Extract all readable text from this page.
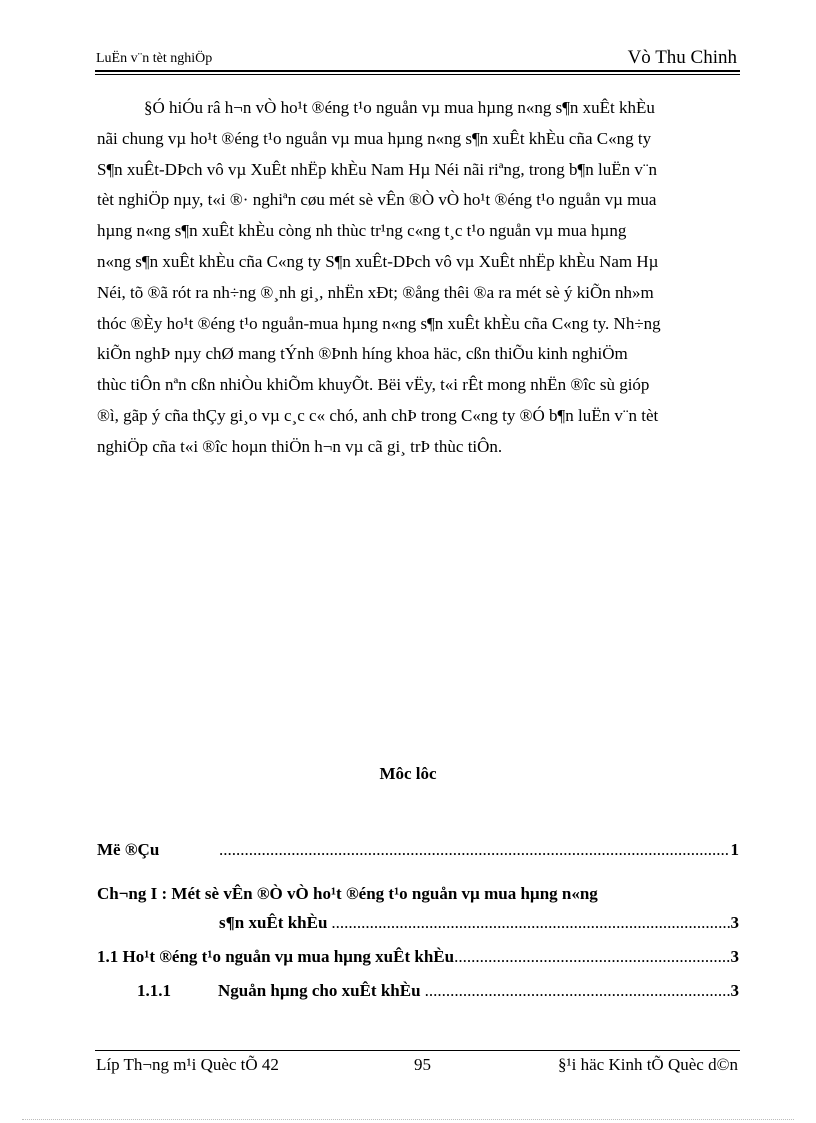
LuËn v¨n tèt nghiÖp	Vò Thu Chinh
§Ó hiÓu râ h¬n vÒ ho¹t ®éng t¹o nguån vµ mua hµng n«ng s¶n xuÊt khÈu
nãi chung vµ ho¹t ®éng t¹o nguån vµ mua hµng n«ng s¶n xuÊt khÈu cña C«ng ty
S¶n xuÊt-DÞch vô vµ XuÊt nhËp khÈu Nam Hµ Néi nãi riªng, trong b¶n luËn v¨n
tèt nghiÖp nµy, t«i ®· nghiªn cøu mét sè vÊn ®Ò vÒ ho¹t ®éng t¹o nguån vµ mua
hµng n«ng s¶n xuÊt khÈu còng nh thùc tr¹ng c«ng t¸c t¹o nguån vµ mua hµng
n«ng s¶n xuÊt khÈu cña C«ng ty S¶n xuÊt-DÞch vô vµ XuÊt nhËp khÈu Nam Hµ
Néi, tõ ®ã rót ra nh÷ng ®¸nh gi¸, nhËn xÐt; ®ång thêi ®a ra mét sè ý kiÕn nh»m
thóc ®Èy ho¹t ®éng t¹o nguån-mua hµng n«ng s¶n xuÊt khÈu cña C«ng ty. Nh÷ng
kiÕn nghÞ nµy chØ mang tÝnh ®Þnh híng khoa häc, cßn thiÕu kinh nghiÖm
thùc tiÔn nªn cßn nhiÒu khiÕm khuyÕt. Bëi vËy, t«i rÊt mong nhËn ®îc sù gióp
®ì, gãp ý cña thÇy gi¸o vµ c¸c c« chó, anh chÞ trong C«ng ty ®Ó b¶n luËn v¨n tèt
nghiÖp cña t«i ®îc hoµn thiÖn h¬n vµ cã gi¸ trÞ thùc tiÔn.
Môc lôc
Më ®Çu .....	1
Ch¬ng I : Mét sè vÊn ®Ò vÒ ho¹t ®éng t¹o nguån vµ mua hµng n«ng
s¶n xuÊt khÈu .....	3
1.1 Ho¹t ®éng t¹o nguån vµ mua hµng xuÊt khÈu .....	3
1.1.1	Nguån hµng cho xuÊt khÈu .....	3
Líp Th¬ng m¹i Quèc tÕ 42	95	§¹i häc Kinh tÕ Quèc d©n
